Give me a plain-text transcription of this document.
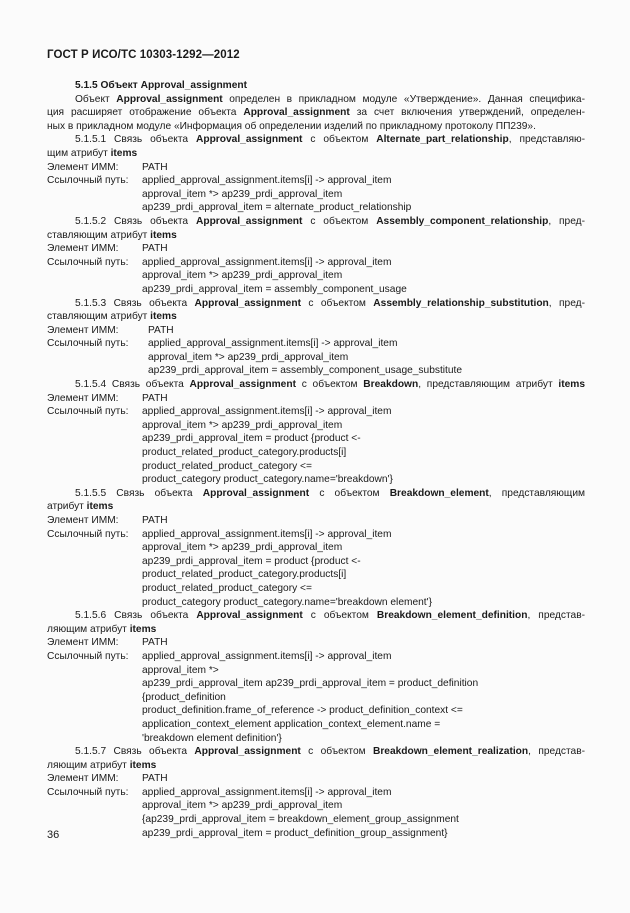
ГОСТ Р ИСО/ТС 10303-1292—2012
5.1.5 Объект Approval_assignment
Объект Approval_assignment определен в прикладном модуле «Утверждение». Данная специфика-
ция расширяет отображение объекта Approval_assignment за счет включения утверждений, определен-
ных в прикладном модуле «Информация об определении изделий по прикладному протоколу ПП239».
5.1.5.1 Связь объекта Approval_assignment с объектом Alternate_part_relationship, представляю-
щим атрибут items
Элемент ИММ: PATH
Ссылочный путь: applied_approval_assignment.items[i] -> approval_item
approval_item *> ap239_prdi_approval_item
ap239_prdi_approval_item = alternate_product_relationship
5.1.5.2 Связь объекта Approval_assignment с объектом Assembly_component_relationship, пред-
ставляющим атрибут items
Элемент ИММ: PATH
Ссылочный путь: applied_approval_assignment.items[i] -> approval_item
approval_item *> ap239_prdi_approval_item
ap239_prdi_approval_item = assembly_component_usage
5.1.5.3 Связь объекта Approval_assignment с объектом Assembly_relationship_substitution, пред-
ставляющим атрибут items
Элемент ИММ:	PATH
Ссылочный путь: applied_approval_assignment.items[i] -> approval_item
approval_item *> ap239_prdi_approval_item
ap239_prdi_approval_item = assembly_component_usage_substitute
5.1.5.4 Связь объекта Approval_assignment с объектом Breakdown, представляющим атрибут items
Элемент ИММ: PATH
Ссылочный путь: applied_approval_assignment.items[i] -> approval_item
approval_item *> ap239_prdi_approval_item
ap239_prdi_approval_item = product {product <-
product_related_product_category.products[i]
product_related_product_category <=
product_category product_category.name='breakdown'}
5.1.5.5 Связь объекта Approval_assignment с объектом Breakdown_element, представляющим
атрибут items
Элемент ИММ: PATH
Ссылочный путь: applied_approval_assignment.items[i] -> approval_item
approval_item *> ap239_prdi_approval_item
ap239_prdi_approval_item = product {product <-
product_related_product_category.products[i]
product_related_product_category <=
product_category product_category.name='breakdown element'}
5.1.5.6 Связь объекта Approval_assignment с объектом Breakdown_element_definition, представ-
ляющим атрибут items
Элемент ИММ: PATH
Ссылочный путь: applied_approval_assignment.items[i] -> approval_item
approval_item *>
ap239_prdi_approval_item ap239_prdi_approval_item = product_definition
{product_definition
product_definition.frame_of_reference -> product_definition_context <=
application_context_element application_context_element.name =
'breakdown element definition'}
5.1.5.7 Связь объекта Approval_assignment с объектом Breakdown_element_realization, представ-
ляющим атрибут items
Элемент ИММ: PATH
Ссылочный путь: applied_approval_assignment.items[i] -> approval_item
approval_item *> ap239_prdi_approval_item
{ap239_prdi_approval_item = breakdown_element_group_assignment
ap239_prdi_approval_item = product_definition_group_assignment}
36
